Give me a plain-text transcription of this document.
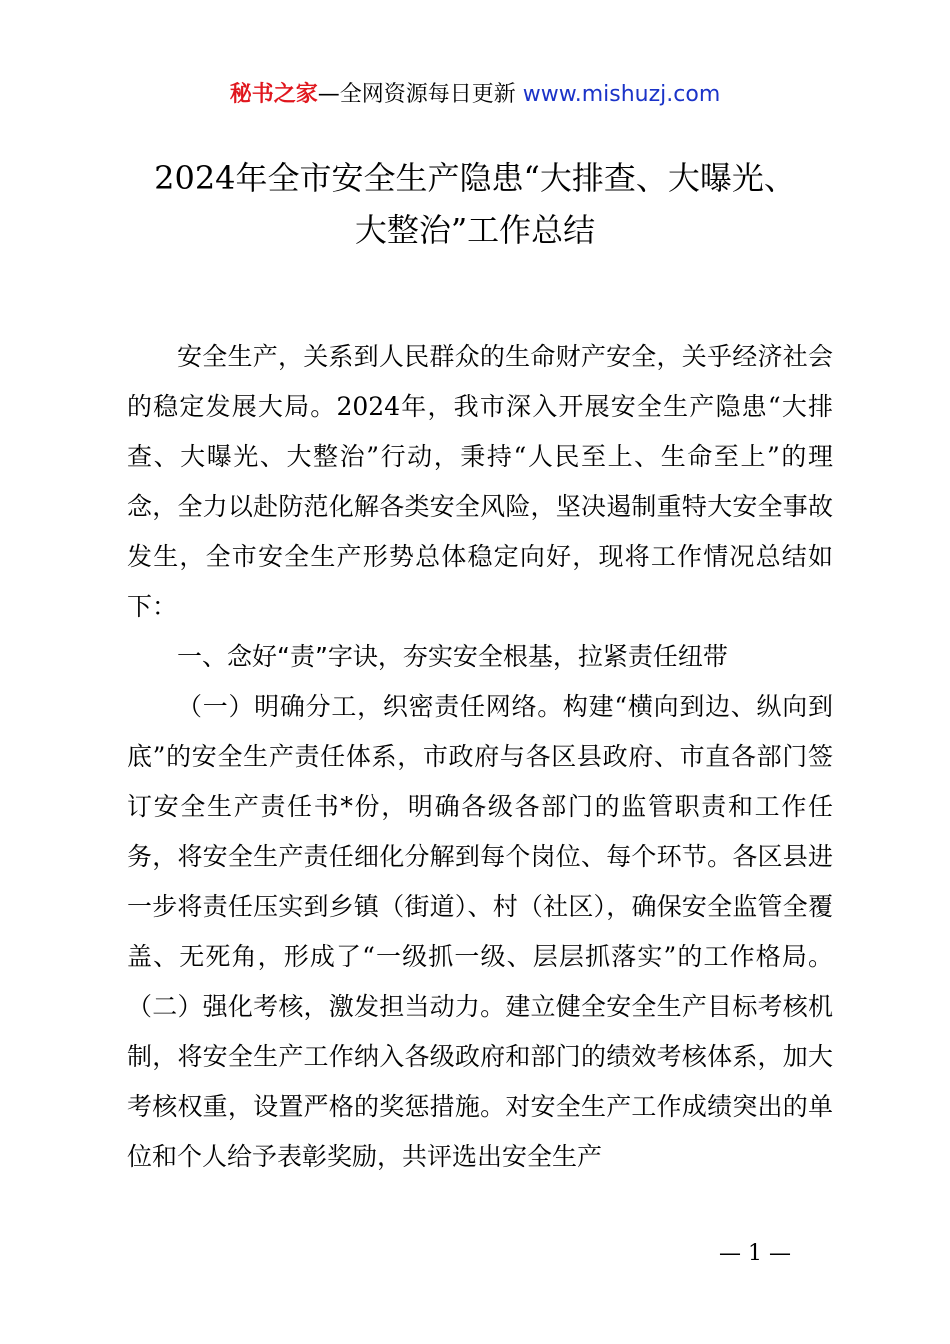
秘书之家—全网资源每日更新 www.mishuzj.com
2024年全市安全生产隐患“大排查、大曝光、
大整治”工作总结

安全生产，关系到人民群众的生命财产安全，关乎经济社会的稳定发展大局。2024年，我市深入开展安全生产隐患“大排查、大曝光、大整治”行动，秉持“人民至上、生命至上”的理念，全力以赴防范化解各类安全风险，坚决遏制重特大安全事故发生，全市安全生产形势总体稳定向好，现将工作情况总结如下：

一、念好“责”字诀，夯实安全根基，拉紧责任纽带

（一）明确分工，织密责任网络。构建“横向到边、纵向到底”的安全生产责任体系，市政府与各区县政府、市直各部门签订安全生产责任书*份，明确各级各部门的监管职责和工作任务，将安全生产责任细化分解到每个岗位、每个环节。各区县进一步将责任压实到乡镇（街道）、村（社区），确保安全监管全覆盖、无死角，形成了“一级抓一级、层层抓落实”的工作格局。（二）强化考核，激发担当动力。建立健全安全生产目标考核机制，将安全生产工作纳入各级政府和部门的绩效考核体系，加大考核权重，设置严格的奖惩措施。对安全生产工作成绩突出的单位和个人给予表彰奖励，共评选出安全生产

— 1 —
